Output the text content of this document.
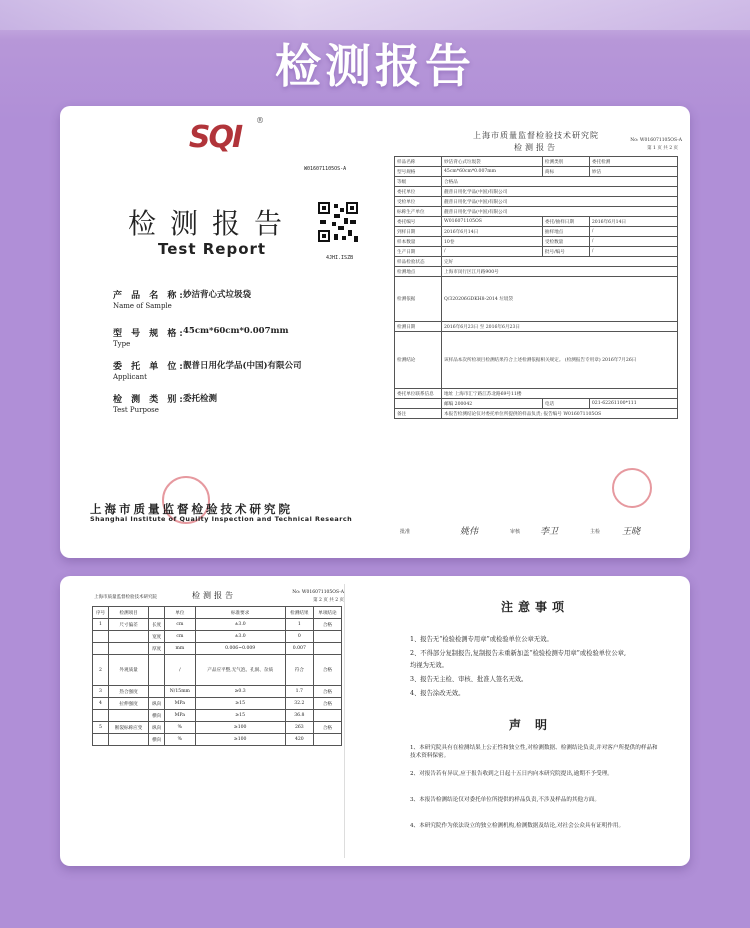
检测报告
SQI	®
W016071105OS-A
4JHI.ISZB
检测报告
Test Report
产 品 名 称:
Name of Sample
妙洁背心式垃圾袋
型 号 规 格:
Type
45cm*60cm*0.007mm
委 托 单 位:
Applicant
靓普日用化学品(中国)有限公司
检 测 类 别:
Test Purpose
委托检测
上海市质量监督检验技术研究院
Shanghai Institute of Quality Inspection and Technical Research
上海市质量监督检验技术研究院
检测报告
No: W016071105OS-A
第 1 页 共 2 页
样品名称	妙洁背心式垃圾袋	检测类别	委托检测
型号规格	45cm*60cm*0.007mm	商标	妙洁
等级	合格品		
委托单位	靓普日用化学品(中国)有限公司		
受检单位	靓普日用化学品(中国)有限公司		
标称生产单位	靓普日用化学品(中国)有限公司		
委托编号	W016071105OS	委托/抽样日期	2016年6月14日
到样日期	2016年6月14日	抽样地点	/
样本数量	10卷	受检数量	/
生产日期	/	批号/编号	/
样品检验状态	完好		
检测地点	上海市闵行区江月路900号		
检测依据	Q/320206GDKH8-2014 垃圾袋		
检测日期	2016年6月23日 至 2016年6月23日		
检测结论	该样品本次所检项目检测结果符合上述检测依据相关规定。 (检测报告专用章) 2016年7月26日		
委托单位联系信息	地址 上海市汇宁路江苏北路69号11楼		
	邮编 200042	电话	021-62261100*111
备注	本报告检测结论仅对委托单位所提供的样品负责; 报告编号 W016071105OS		
批准	姚伟	审核 李卫	主检 王晓
上海市质量监督检验技术研究院	检测报告	No: W016071105OS-A
第 2 页 共 2 页
序号	检测项目		单位	标准要求	检测结果	单项结论
1	尺寸偏差	长度	cm	±3.0	1	合格
		宽度	cm	±3.0	0	
		厚度	mm	0.006~0.009	0.007	
2	外观质量		/	产品应平整,无气泡、孔洞、杂质	符合	合格
3	热合强度		N/15mm	≥0.3	1.7	合格
4	拉伸强度	纵向	MPa	≥15	32.2	合格
		横向	MPa	≥15	36.8	
5	断裂标称应变	纵向	%	≥100	263	合格
		横向	%	≥100	420	
注意事项
1、报告无“检验检测专用章”或检验单位公章无效。
2、不得部分复制报告,复制报告未重新加盖“检验检测专用章”或检验单位公章,
均视为无效。
3、报告无主检、审核、批准人签名无效。
4、报告涂改无效。
声明
1、本研究院具有在检测结果上公正性和独立性,对检测数据、检测结论负责,并对客户所提供的样品和技术资料保密。
2、对报告若有异议,应于报告收到之日起十五日内向本研究院提出,逾期不予受理。
3、本报告检测结论仅对委托单位所提供的样品负责,不涉及样品的其他方面。
4、本研究院作为依法设立的独立检测机构,检测数据及结论,对社会公众具有证明作用。
